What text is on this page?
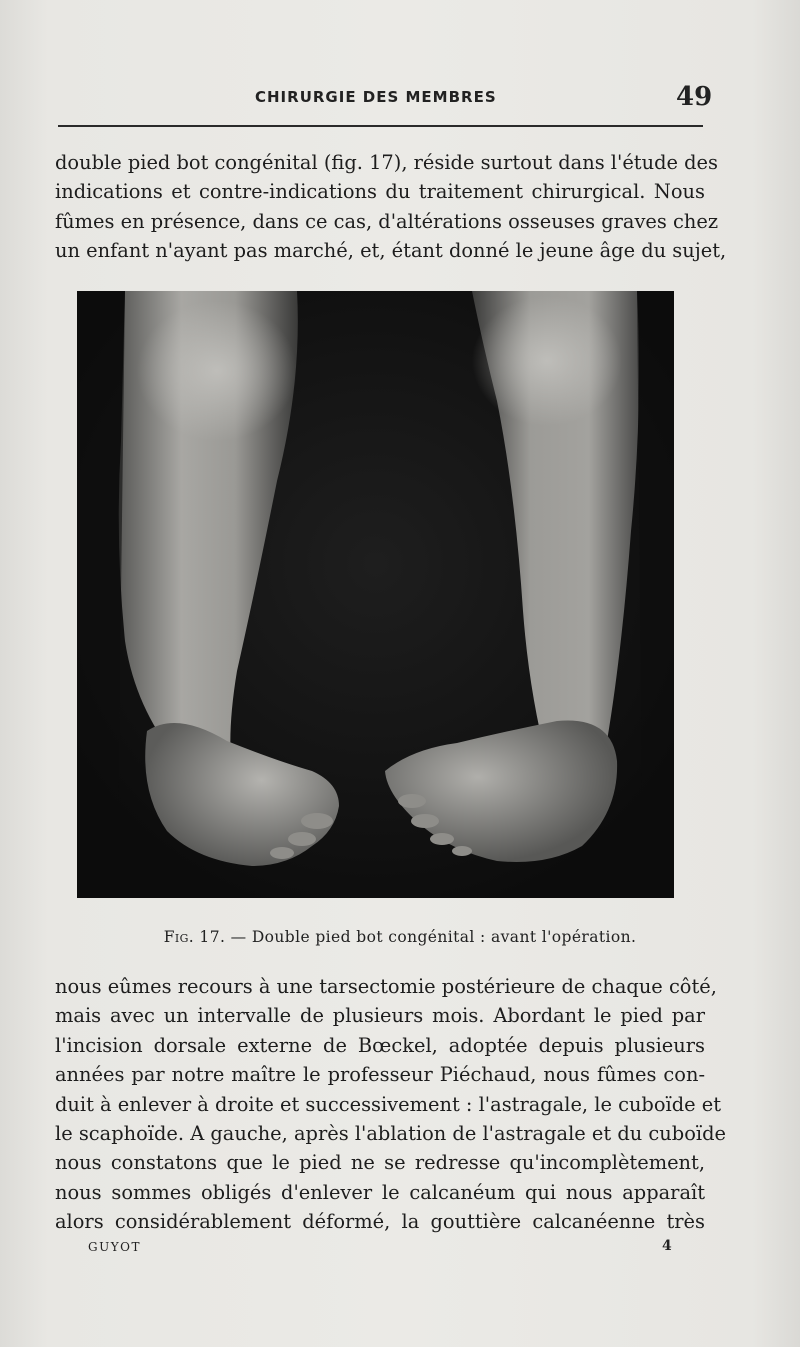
CHIRURGIE DES MEMBRES	49
double pied bot congénital (fig. 17), réside surtout dans l'étude des
indications et contre-indications du traitement chirurgical. Nous
fûmes en présence, dans ce cas, d'altérations osseuses graves chez
un enfant n'ayant pas marché, et, étant donné le jeune âge du sujet,
Fig. 17. — Double pied bot congénital : avant l'opération.
nous eûmes recours à une tarsectomie postérieure de chaque côté,
mais avec un intervalle de plusieurs mois. Abordant le pied par
l'incision dorsale externe de Bœckel, adoptée depuis plusieurs
années par notre maître le professeur Piéchaud, nous fûmes con-
duit à enlever à droite et successivement : l'astragale, le cuboïde et
le scaphoïde. A gauche, après l'ablation de l'astragale et du cuboïde
nous constatons que le pied ne se redresse qu'incomplètement,
nous sommes obligés d'enlever le calcanéum qui nous apparaît
alors considérablement déformé, la gouttière calcanéenne très
GUYOT	4
